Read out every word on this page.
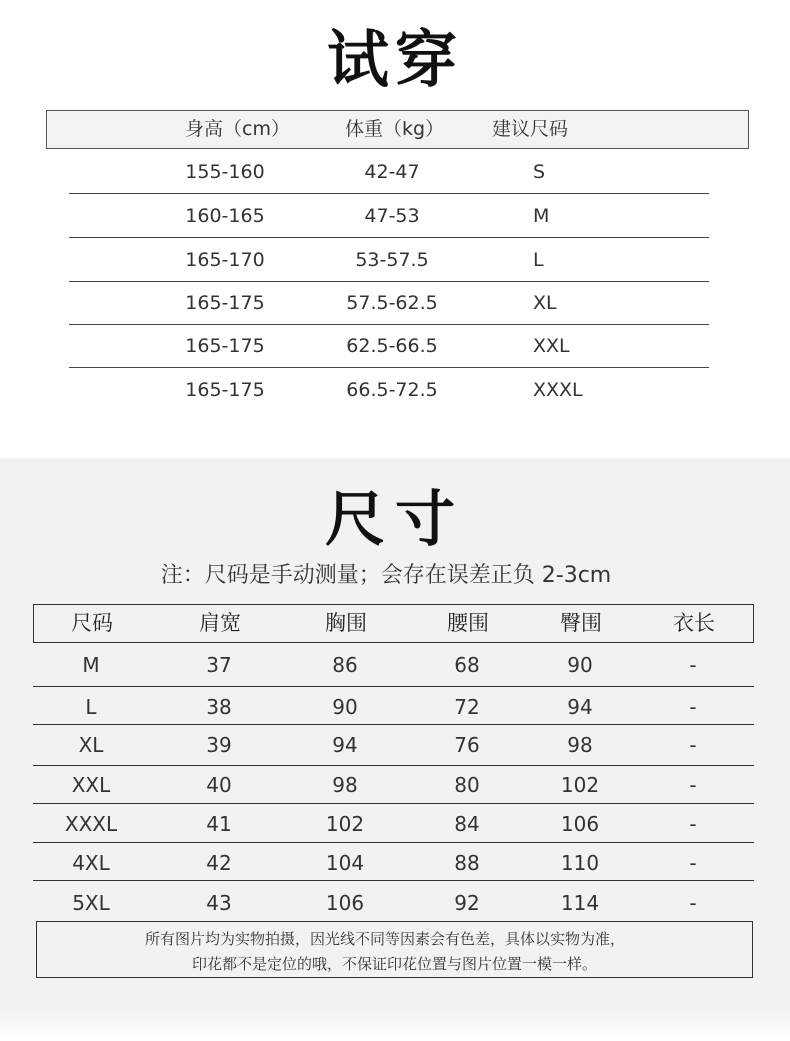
试穿
身高（cm）	体重（kg）	建议尺码
155-160	42-47	S
160-165	47-53	M
165-170	53-57.5	L
165-175	57.5-62.5	XL
165-175	62.5-66.5	XXL
165-175	66.5-72.5	XXXL
尺寸
注：尺码是手动测量；会存在误差正负 2-3cm
尺码	肩宽	胸围	腰围	臀围	衣长
M	37	86	68	90	-
L	38	90	72	94	-
XL	39	94	76	98	-
XXL	40	98	80	102	-
XXXL	41	102	84	106	-
4XL	42	104	88	110	-
5XL	43	106	92	114	-
所有图片均为实物拍摄，因光线不同等因素会有色差，具体以实物为准，
印花都不是定位的哦，不保证印花位置与图片位置一模一样。
